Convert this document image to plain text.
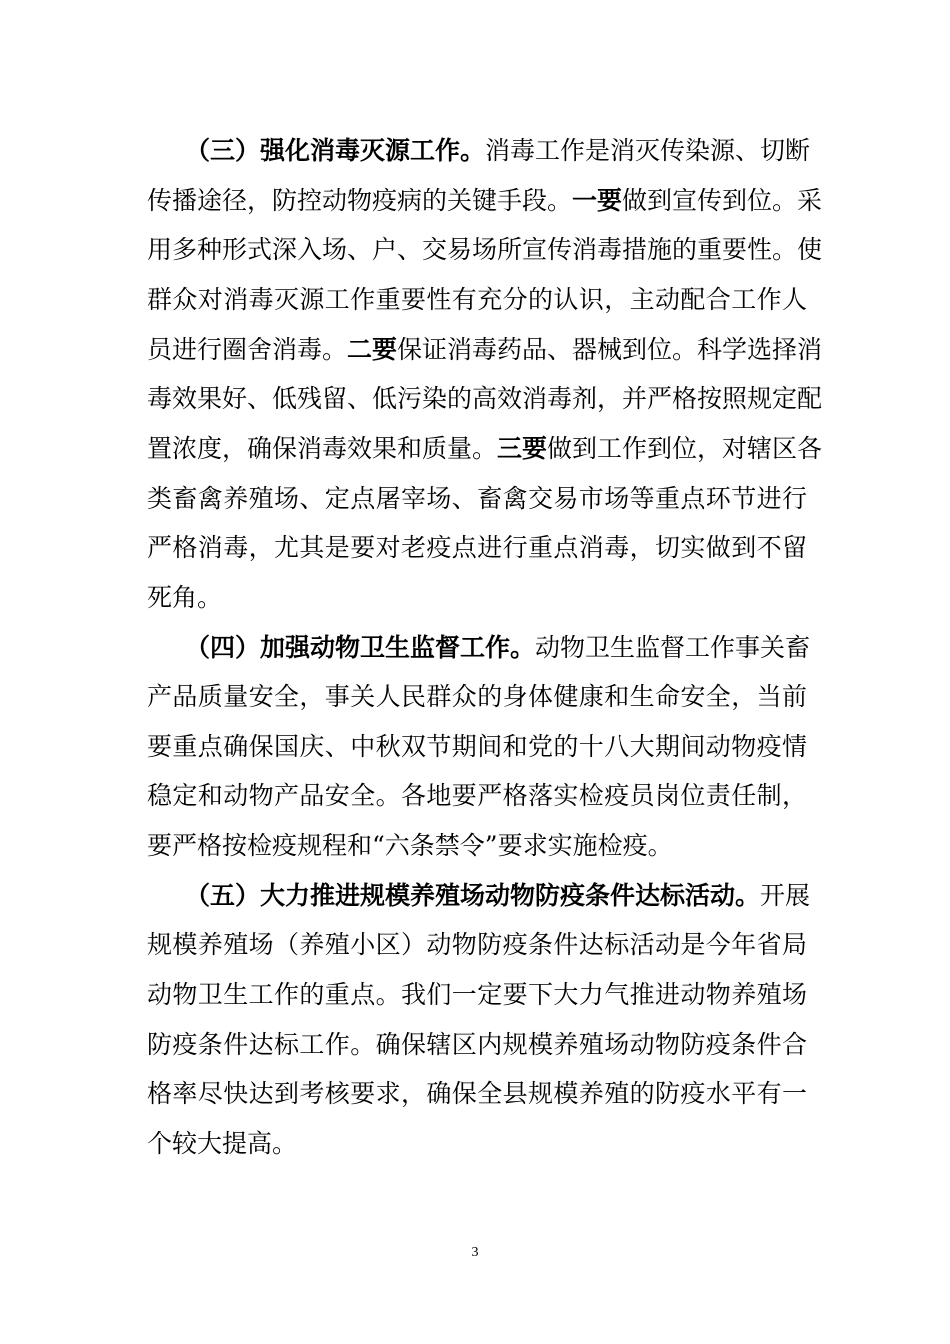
（三）强化消毒灭源工作。消毒工作是消灭传染源、切断
传播途径，防控动物疫病的关键手段。一要做到宣传到位。采
用多种形式深入场、户、交易场所宣传消毒措施的重要性。使
群众对消毒灭源工作重要性有充分的认识，主动配合工作人
员进行圈舍消毒。二要保证消毒药品、器械到位。科学选择消
毒效果好、低残留、低污染的高效消毒剂，并严格按照规定配
置浓度，确保消毒效果和质量。三要做到工作到位，对辖区各
类畜禽养殖场、定点屠宰场、畜禽交易市场等重点环节进行
严格消毒，尤其是要对老疫点进行重点消毒，切实做到不留
死角。
（四）加强动物卫生监督工作。动物卫生监督工作事关畜
产品质量安全，事关人民群众的身体健康和生命安全，当前
要重点确保国庆、中秋双节期间和党的十八大期间动物疫情
稳定和动物产品安全。各地要严格落实检疫员岗位责任制，
要严格按检疫规程和“六条禁令”要求实施检疫。
（五）大力推进规模养殖场动物防疫条件达标活动。开展
规模养殖场（养殖小区）动物防疫条件达标活动是今年省局
动物卫生工作的重点。我们一定要下大力气推进动物养殖场
防疫条件达标工作。确保辖区内规模养殖场动物防疫条件合
格率尽快达到考核要求，确保全县规模养殖的防疫水平有一
个较大提高。
3
